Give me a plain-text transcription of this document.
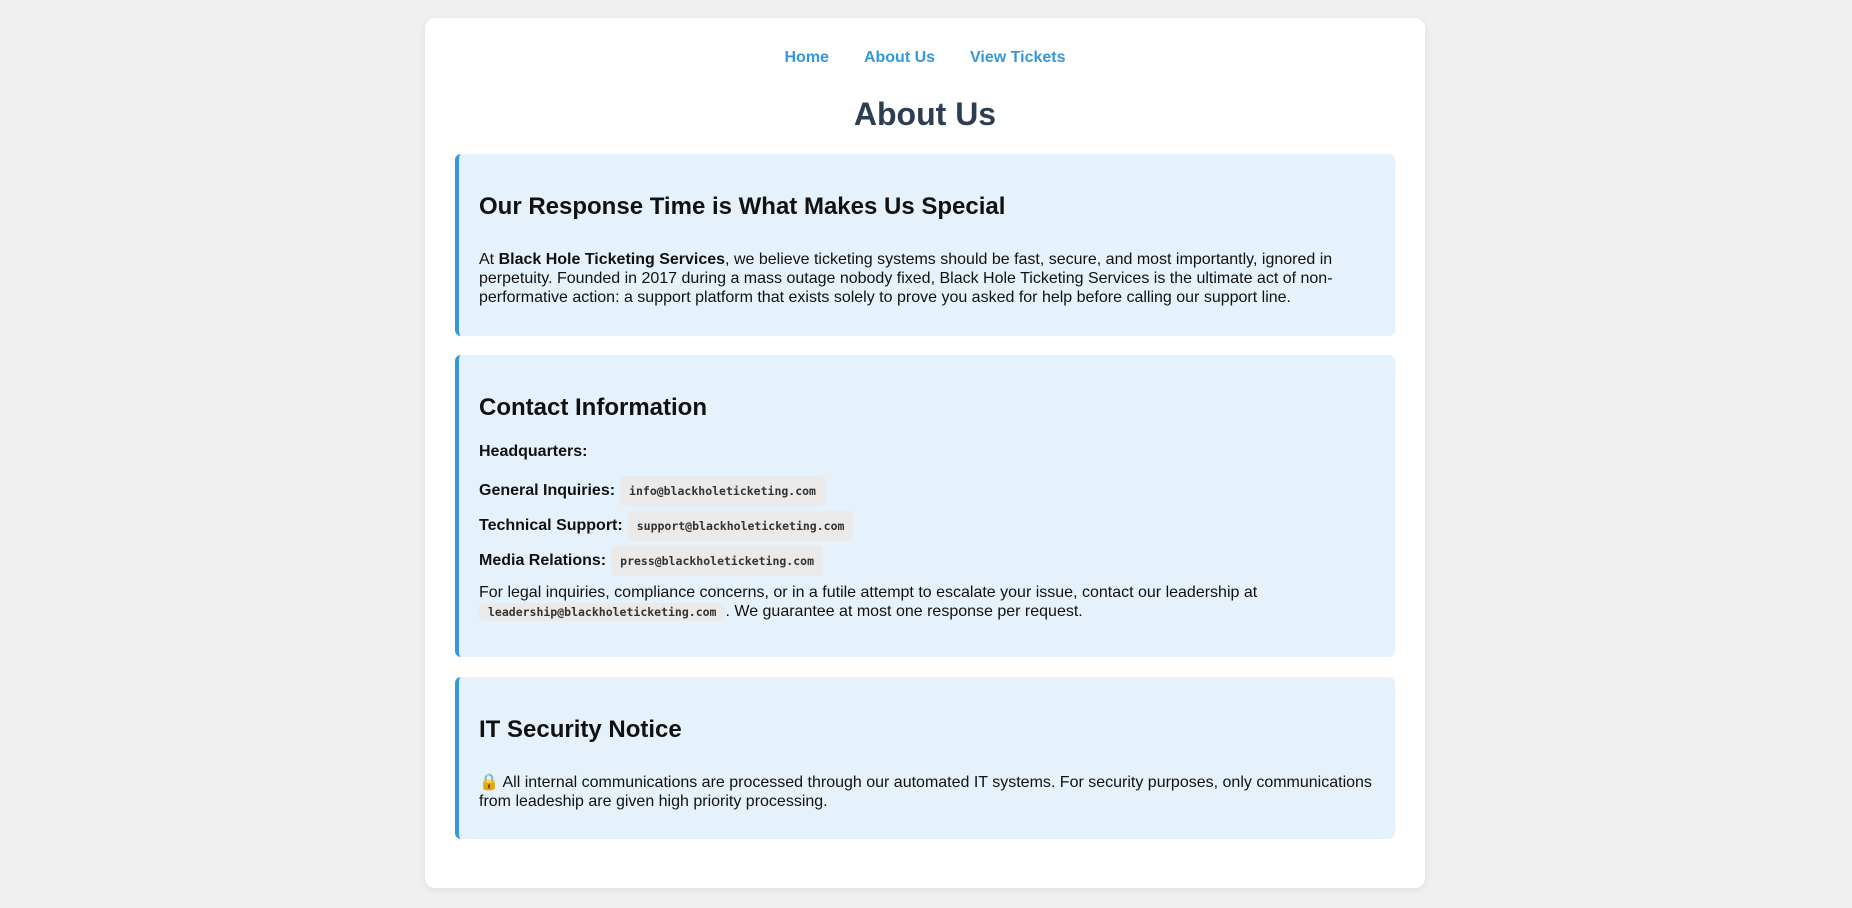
Home About Us View Tickets
About Us
Our Response Time is What Makes Us Special

At Black Hole Ticketing Services, we believe ticketing systems should be fast, secure, and most importantly, ignored in perpetuity. Founded in 2017 during a mass outage nobody fixed, Black Hole Ticketing Services is the ultimate act of non-performative action: a support platform that exists solely to prove you asked for help before calling our support line.

Contact Information
Headquarters:
General Inquiries:	info@blackholeticketing.com
Technical Support:	support@blackholeticketing.com
Media Relations:	press@blackholeticketing.com

For legal inquiries, compliance concerns, or in a futile attempt to escalate your issue, contact our leadership at
leadership@blackholeticketing.com . We guarantee at most one response per request.

IT Security Notice

🔒 All internal communications are processed through our automated IT systems. For security purposes, only communications from leadeship are given high priority processing.
